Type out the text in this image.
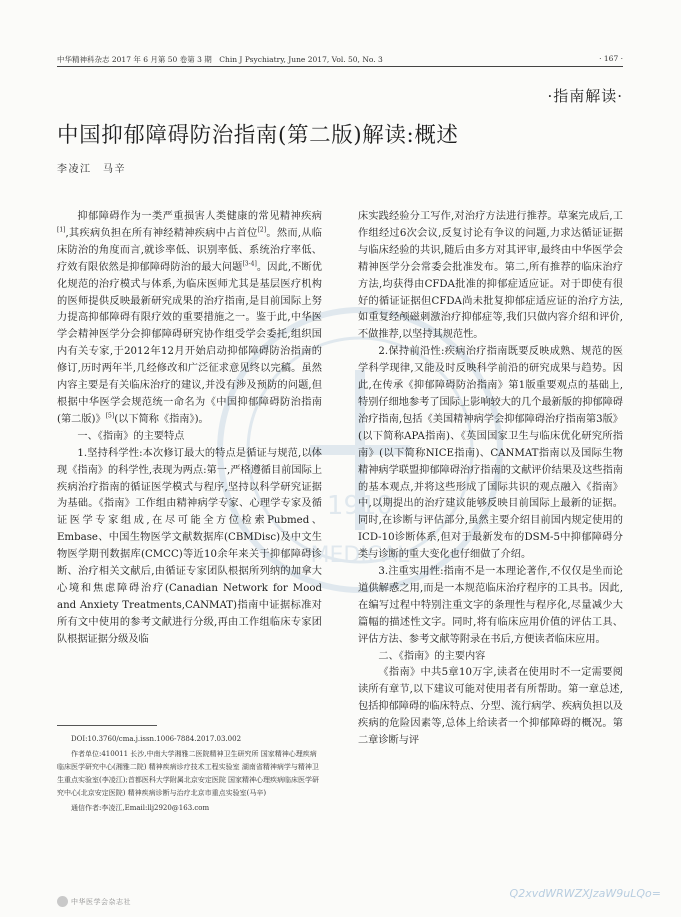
中华精神科杂志 2017 年 6 月第 50 卷第 3 期　Chin J Psychiatry, June 2017, Vol. 50, No. 3	· 167 ·
·指南解读·
中国抑郁障碍防治指南(第二版)解读:概述
李凌江　马辛
1910
MEDICAL

抑郁障碍作为一类严重损害人类健康的常见精神疾病[1],其疾病负担在所有神经精神疾病中占首位[2]。然而,从临床防治的角度而言,就诊率低、识别率低、系统治疗率低、疗效有限依然是抑郁障碍防治的最大问题[3-4]。因此,不断优化规范的治疗模式与体系,为临床医师尤其是基层医疗机构的医师提供反映最新研究成果的治疗指南,是目前国际上努力提高抑郁障碍有限疗效的重要措施之一。鉴于此,中华医学会精神医学分会抑郁障碍研究协作组受学会委托,组织国内有关专家,于2012年12月开始启动抑郁障碍防治指南的修订,历时两年半,几经修改和广泛征求意见终以完稿。虽然内容主要是有关临床治疗的建议,并没有涉及预防的问题,但根据中华医学会规范统一命名为《中国抑郁障碍防治指南(第二版)》[5](以下简称《指南》)。

一、《指南》的主要特点

1.坚持科学性:本次修订最大的特点是循证与规范,以体现《指南》的科学性,表现为两点:第一,严格遵循目前国际上疾病治疗指南的循证医学模式与程序,坚持以科学研究证据为基础。《指南》工作组由精神病学专家、心理学专家及循证医学专家组成,在尽可能全方位检索Pubmed、Embase、中国生物医学文献数据库(CBMDisc)及中文生物医学期刊数据库(CMCC)等近10余年来关于抑郁障碍诊断、治疗相关文献后,由循证专家团队根据所列纳的加拿大心境和焦虑障碍治疗(Canadian Network for Mood and Anxiety Treatments,CANMAT)指南中证据标准对所有文中使用的参考文献进行分级,再由工作组临床专家团队根据证据分级及临

床实践经验分工写作,对治疗方法进行推荐。草案完成后,工作组经过6次会议,反复讨论有争议的问题,力求达循证证据与临床经验的共识,随后由多方对其评审,最终由中华医学会精神医学分会常委会批准发布。第二,所有推荐的临床治疗方法,均获得由CFDA批准的抑郁症适应证。对于即使有很好的循证证据但CFDA尚未批复抑郁症适应证的治疗方法,如重复经颅磁刺激治疗抑郁症等,我们只做内容介绍和评价,不做推荐,以坚持其规范性。

2.保持前沿性:疾病治疗指南既要反映成熟、规范的医学科学现律,又能及时反映科学前沿的研究成果与趋势。因此,在传承《抑郁障碍防治指南》第1版重要观点的基础上,特别仔细地参考了国际上影响较大的几个最新版的抑郁障碍治疗指南,包括《美国精神病学会抑郁障碍治疗指南第3版》(以下简称APA指南)、《英国国家卫生与临床优化研究所指南》(以下简称NICE指南)、CANMAT指南以及国际生物精神病学联盟抑郁障碍治疗指南的文献评价结果及这些指南的基本观点,并将这些形成了国际共识的观点融入《指南》中,以期提出的治疗建议能够反映目前国际上最新的证据。同时,在诊断与评估部分,虽然主要介绍目前国内规定使用的ICD-10诊断体系,但对于最新发布的DSM-5中抑郁障碍分类与诊断的重大变化也仔细做了介绍。

3.注重实用性:指南不是一本理论著作,不仅仅是坐而论道供解惑之用,而是一本规范临床治疗程序的工具书。因此,在编写过程中特别注重文字的条理性与程序化,尽量减少大篇幅的描述性文字。同时,将有临床应用价值的评估工具、评估方法、参考文献等附录在书后,方便读者临床应用。

二、《指南》的主要内容

《指南》中共5章10万字,读者在使用时不一定需要阅读所有章节,以下建议可能对使用者有所帮助。第一章总述,包括抑郁障碍的临床特点、分型、流行病学、疾病负担以及疾病的危险因素等,总体上给读者一个抑郁障碍的概况。第二章诊断与评

DOI:10.3760/cma.j.issn.1006-7884.2017.03.002

作者单位:410011 长沙,中南大学湘雅二医院精神卫生研究所 国家精神心理疾病临床医学研究中心(湘雅二院) 精神疾病诊疗技术工程实验室 湖南省精神病学与精神卫生重点实验室(李凌江);首都医科大学附属北京安定医院 国家精神心理疾病临床医学研究中心(北京安定医院) 精神疾病诊断与治疗北京市重点实验室(马辛)

通信作者:李凌江,Email:llj2920@163.com

中华医学会杂志社
Q2xvdWRWZXJzaW9uLQo=
